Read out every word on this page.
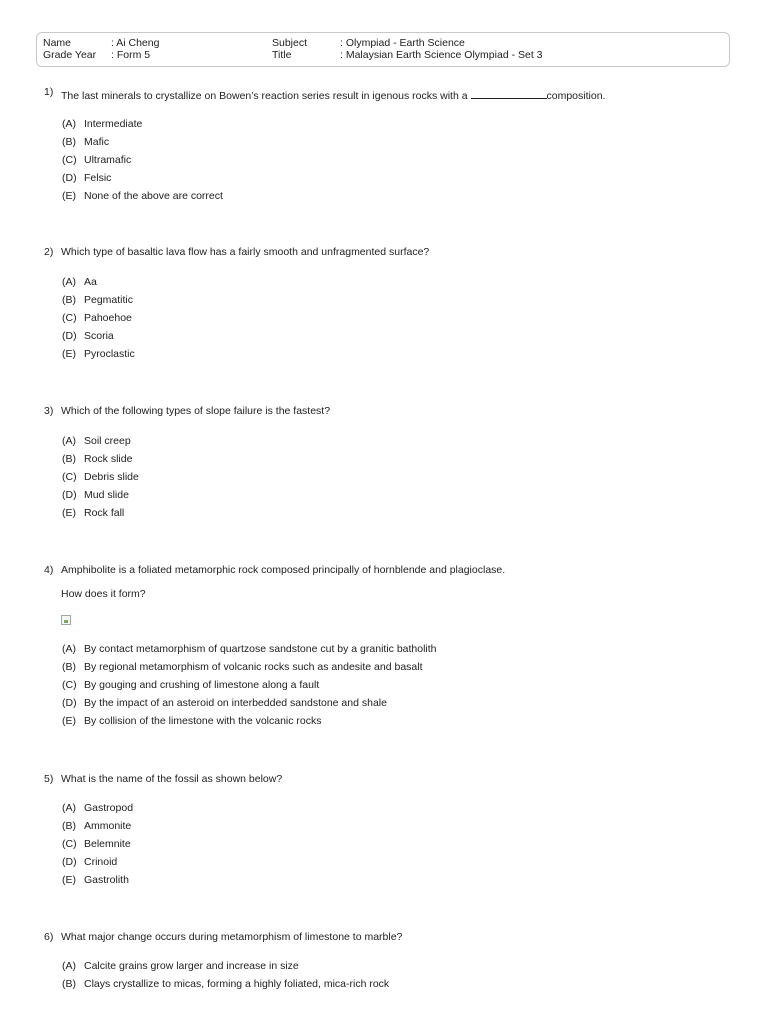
Name	: Ai Cheng	Subject	: Olympiad - Earth Science
Grade Year : Form 5	Title	: Malaysian Earth Science Olympiad - Set 3
1) The last minerals to crystallize on Bowen’s reaction series result in igenous rocks with a	composition.
(A) Intermediate
(B) Mafic
(C) Ultramafic
(D) Felsic
(E) None of the above are correct
2) Which type of basaltic lava flow has a fairly smooth and unfragmented surface?
(A) Aa
(B) Pegmatitic
(C) Pahoehoe
(D) Scoria
(E) Pyroclastic
3) Which of the following types of slope failure is the fastest?
(A) Soil creep
(B) Rock slide
(C) Debris slide
(D) Mud slide
(E) Rock fall
4) Amphibolite is a foliated metamorphic rock composed principally of hornblende and plagioclase.
How does it form?
(A) By contact metamorphism of quartzose sandstone cut by a granitic batholith
(B) By regional metamorphism of volcanic rocks such as andesite and basalt
(C) By gouging and crushing of limestone along a fault
(D) By the impact of an asteroid on interbedded sandstone and shale
(E) By collision of the limestone with the volcanic rocks
5) What is the name of the fossil as shown below?
(A) Gastropod
(B) Ammonite
(C) Belemnite
(D) Crinoid
(E) Gastrolith
6) What major change occurs during metamorphism of limestone to marble?
(A) Calcite grains grow larger and increase in size
(B) Clays crystallize to micas, forming a highly foliated, mica-rich rock
